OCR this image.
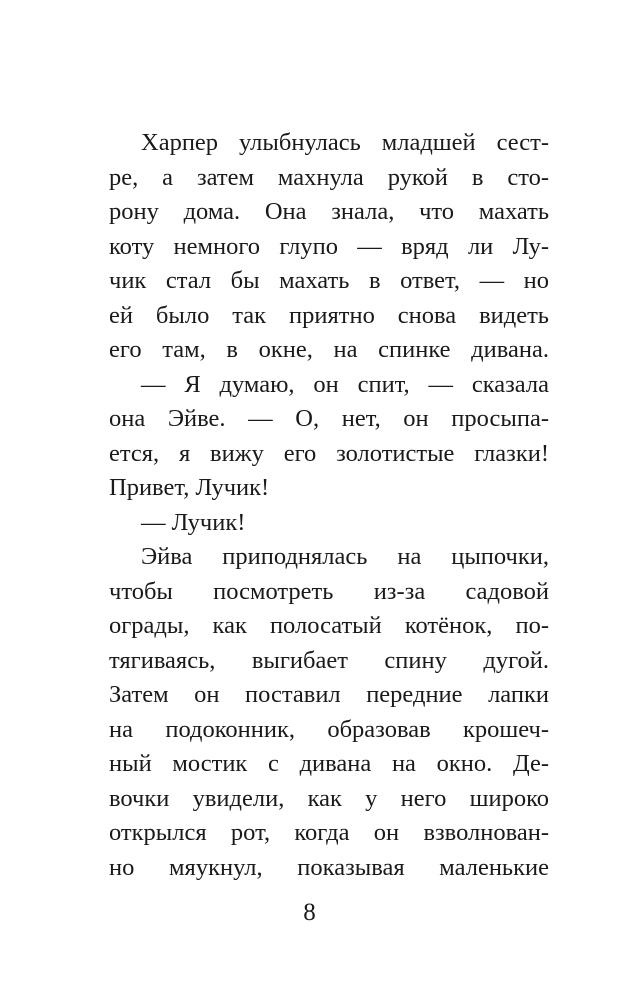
Харпер улыбнулась младшей сест-
ре, а затем махнула рукой в сто-
рону дома. Она знала, что махать
коту немного глупо — вряд ли Лу-
чик стал бы махать в ответ, — но
ей было так приятно снова видеть
его там, в окне, на спинке дивана.
— Я думаю, он спит, — сказала
она Эйве. — О, нет, он просыпа-
ется, я вижу его золотистые глазки!
Привет, Лучик!
— Лучик!
Эйва приподнялась на цыпочки,
чтобы посмотреть из-за садовой
ограды, как полосатый котёнок, по-
тягиваясь, выгибает спину дугой.
Затем он поставил передние лапки
на подоконник, образовав крошеч-
ный мостик с дивана на окно. Де-
вочки увидели, как у него широко
открылся рот, когда он взволнован-
но мяукнул, показывая маленькие
8
